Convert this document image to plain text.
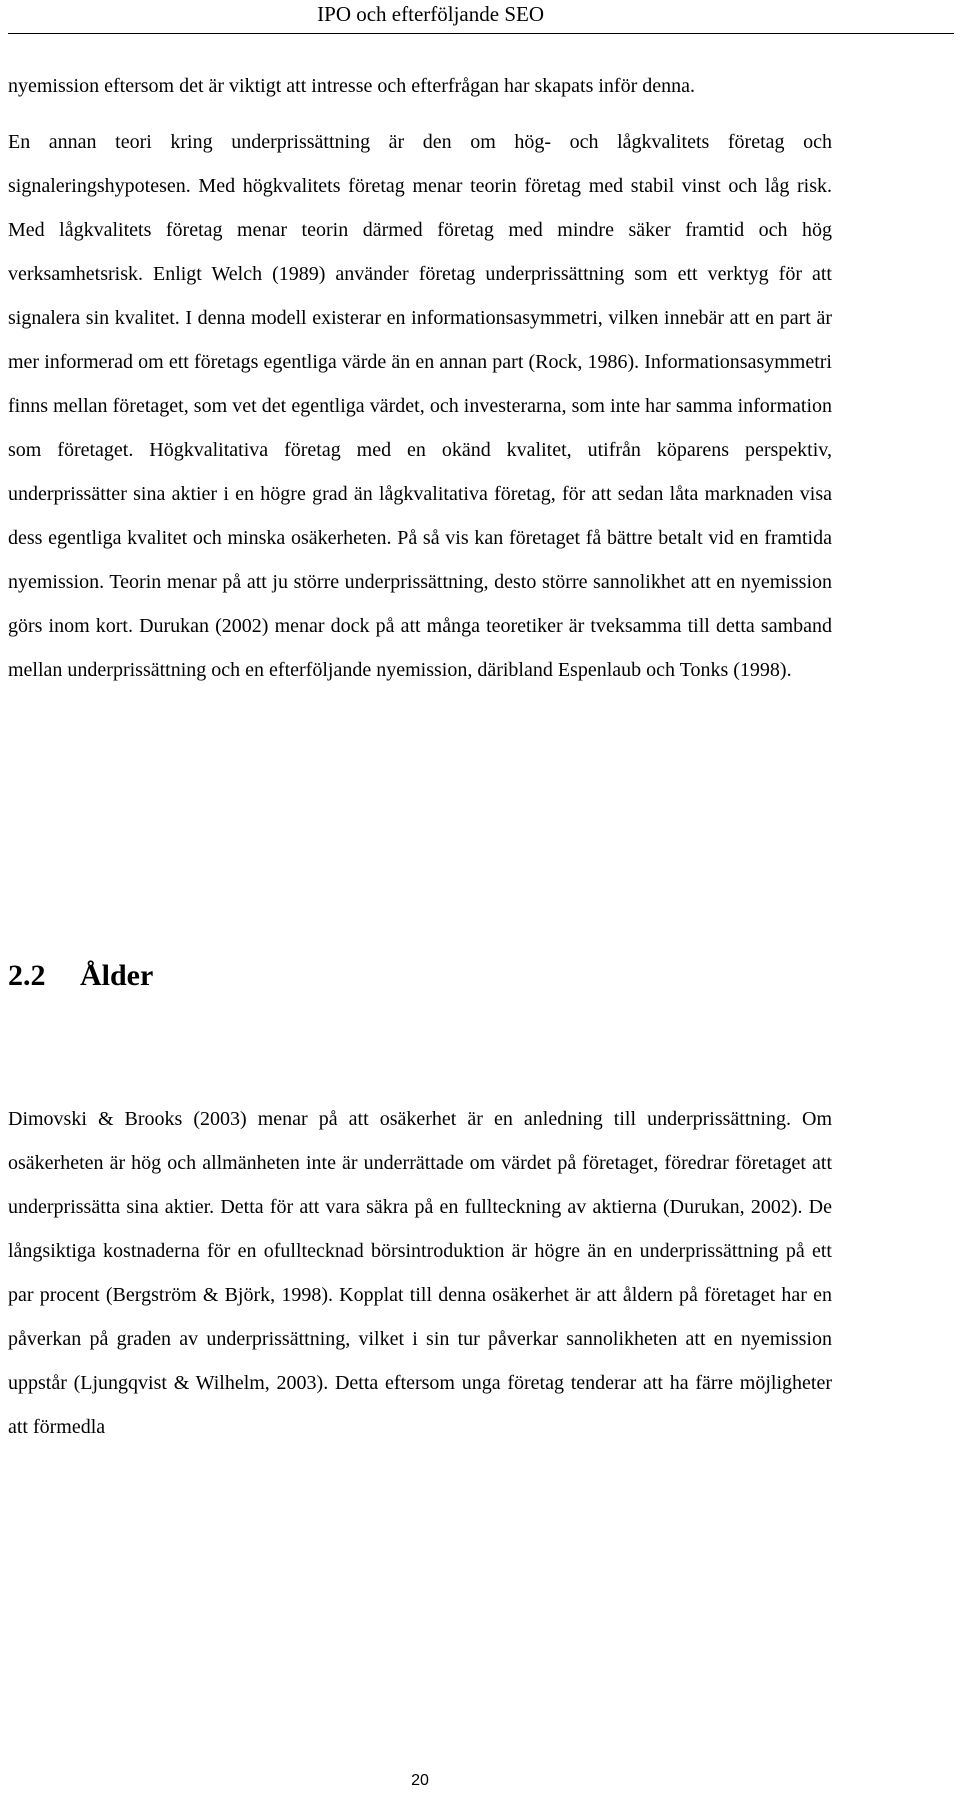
IPO och efterföljande SEO

nyemission eftersom det är viktigt att intresse och efterfrågan har skapats inför denna.

En annan teori kring underprissättning är den om hög- och lågkvalitets företag och signaleringshypotesen. Med högkvalitets företag menar teorin företag med stabil vinst och låg risk. Med lågkvalitets företag menar teorin därmed företag med mindre säker framtid och hög verksamhetsrisk. Enligt Welch (1989) använder företag underprissättning som ett verktyg för att signalera sin kvalitet. I denna modell existerar en informationsasymmetri, vilken innebär att en part är mer informerad om ett företags egentliga värde än en annan part (Rock, 1986). Informationsasymmetri finns mellan företaget, som vet det egentliga värdet, och investerarna, som inte har samma information som företaget. Högkvalitativa företag med en okänd kvalitet, utifrån köparens perspektiv, underprissätter sina aktier i en högre grad än lågkvalitativa företag, för att sedan låta marknaden visa dess egentliga kvalitet och minska osäkerheten. På så vis kan företaget få bättre betalt vid en framtida nyemission. Teorin menar på att ju större underprissättning, desto större sannolikhet att en nyemission görs inom kort. Durukan (2002) menar dock på att många teoretiker är tveksamma till detta samband mellan underprissättning och en efterföljande nyemission, däribland Espenlaub och Tonks (1998).

2.2 Ålder

Dimovski & Brooks (2003) menar på att osäkerhet är en anledning till underprissättning. Om osäkerheten är hög och allmänheten inte är underrättade om värdet på företaget, föredrar företaget att underprissätta sina aktier. Detta för att vara säkra på en fullteckning av aktierna (Durukan, 2002). De långsiktiga kostnaderna för en ofulltecknad börsintroduktion är högre än en underprissättning på ett par procent (Bergström & Björk, 1998). Kopplat till denna osäkerhet är att åldern på företaget har en påverkan på graden av underprissättning, vilket i sin tur påverkar sannolikheten att en nyemission uppstår (Ljungqvist & Wilhelm, 2003). Detta eftersom unga företag tenderar att ha färre möjligheter att förmedla

20
